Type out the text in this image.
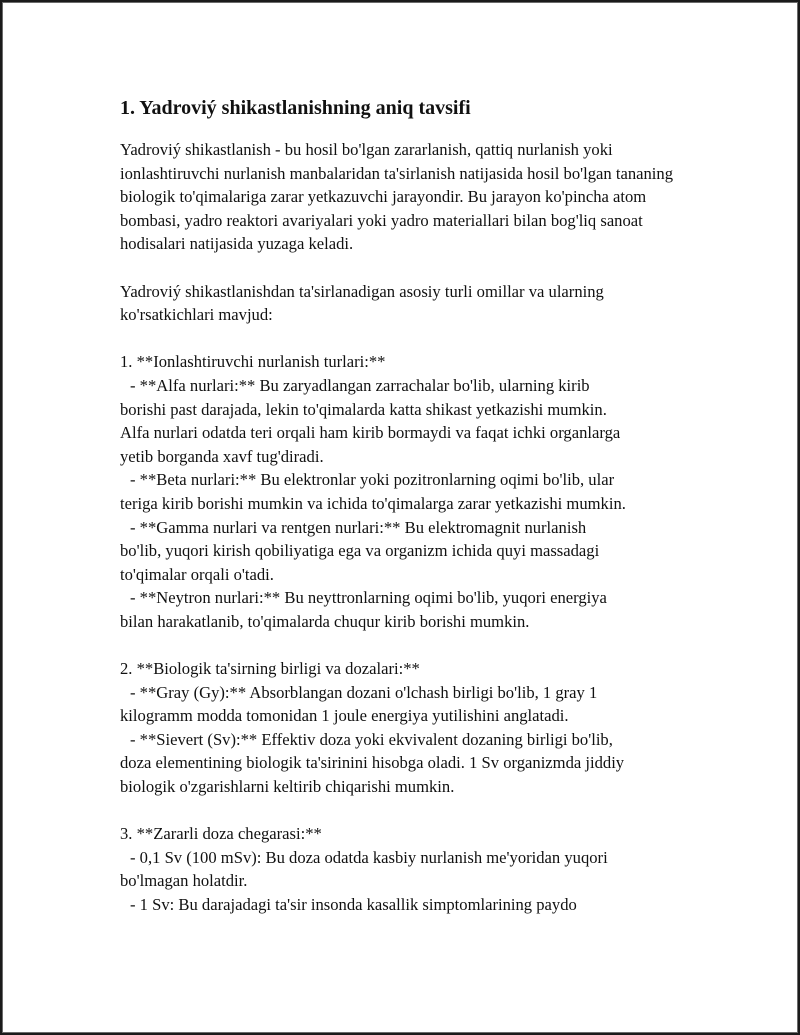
1. Yadroviý shikastlanishning aniq tavsifi

Yadroviý shikastlanish - bu hosil bo'lgan zararlanish, qattiq nurlanish yoki ionlashtiruvchi nurlanish manbalaridan ta'sirlanish natijasida hosil bo'lgan tananing biologik to'qimalariga zarar yetkazuvchi jarayondir. Bu jarayon ko'pincha atom bombasi, yadro reaktori avariyalari yoki yadro materiallari bilan bog'liq sanoat hodisalari natijasida yuzaga keladi.

Yadroviý shikastlanishdan ta'sirlanadigan asosiy turli omillar va ularning ko'rsatkichlari mavjud:

1. **Ionlashtiruvchi nurlanish turlari:**
- **Alfa nurlari:** Bu zaryadlangan zarrachalar bo'lib, ularning kirib
borishi past darajada, lekin to'qimalarda katta shikast yetkazishi mumkin.
Alfa nurlari odatda teri orqali ham kirib bormaydi va faqat ichki organlarga
yetib borganda xavf tug'diradi.
- **Beta nurlari:** Bu elektronlar yoki pozitronlarning oqimi bo'lib, ular
teriga kirib borishi mumkin va ichida to'qimalarga zarar yetkazishi mumkin.
- **Gamma nurlari va rentgen nurlari:** Bu elektromagnit nurlanish
bo'lib, yuqori kirish qobiliyatiga ega va organizm ichida quyi massadagi
to'qimalar orqali o'tadi.
- **Neytron nurlari:** Bu neyttronlarning oqimi bo'lib, yuqori energiya
bilan harakatlanib, to'qimalarda chuqur kirib borishi mumkin.
2. **Biologik ta'sirning birligi va dozalari:**
- **Gray (Gy):** Absorblangan dozani o'lchash birligi bo'lib, 1 gray 1
kilogramm modda tomonidan 1 joule energiya yutilishini anglatadi.
- **Sievert (Sv):** Effektiv doza yoki ekvivalent dozaning birligi bo'lib,
doza elementining biologik ta'sirinini hisobga oladi. 1 Sv organizmda jiddiy
biologik o'zgarishlarni keltirib chiqarishi mumkin.
3. **Zararli doza chegarasi:**
- 0,1 Sv (100 mSv): Bu doza odatda kasbiy nurlanish me'yoridan yuqori
bo'lmagan holatdir.
- 1 Sv: Bu darajadagi ta'sir insonda kasallik simptomlarining paydo
